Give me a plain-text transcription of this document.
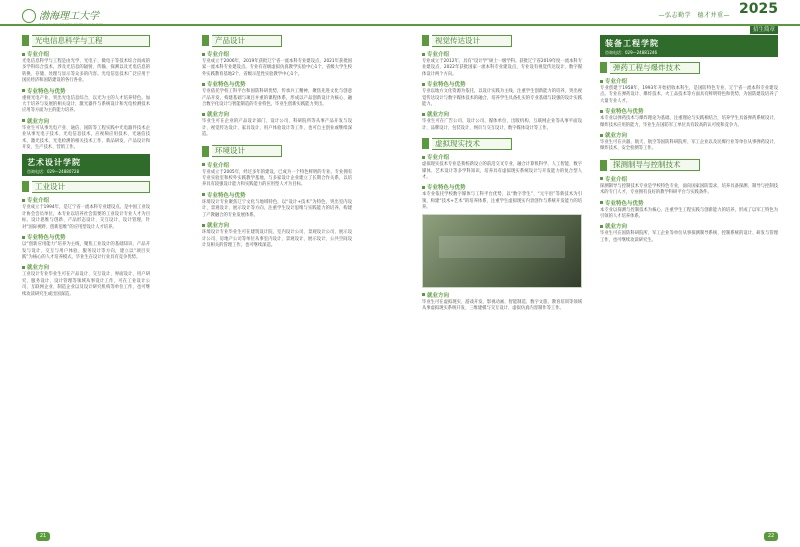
渤海理工大学
光电信息科学与工程
专业介绍
光电信息科学与工程是由光学、光电子、微电子等技术综合而成的多学科综合技术，涉及光信息的辐射、传输、探测以及光电信息的转换、存储、处理与显示等众多的内容。光电信息技术广泛应用于国民经济和国防建设的各行各业。
专业特色与优势
重视光电产业，突出光电信息综合，以光为主的人才培养特色。加大于培养与发展的相关设计，激光器件与系统设计和光电检测技术应用等方面为主的能力培养。
就业方向
毕业生可从事光电产业、通信、国防等工程实践中光电器件技术企业从事光电子技术、光电信息技术，应视频应用技术、光通信技术、激光技术、光电检测的相关技术工作、新品研发、产品设计和开发、生产技术、营销工作。
艺术设计学院
咨询电话：029—24880728
工业设计
专业介绍
专业成立于1994年，是辽宁省一流本科专业建设点。是中国工业设计协会会员单位，本专业以培养社会需要的工业设计专业人才为目标，设计思维与创新、产品形态设计、交互设计、设计管理，针对“国际视野、创新思维”的应用型设计人才培养。
专业特色与优势
以“创新应用能力”培养为主线，聚焦工业设计的基础知识、产品开发与设计、交互与用户体验、服务设计等方向，建立以“项目实践”为核心的人才培养模式，毕业生在设计行业具有竞争优势。
就业方向
工业设计专业毕业生可在产品设计、交互设计、界面设计、用户研究、服务设计、设计管理等领域从事设计工作，可在工业设计公司、互联网企业、制造企业以及设计研究机构等单位工作，也可继续攻读研究生或出国深造。
产品设计
专业介绍
专业成立于2006年，2019年获批辽宁省一流本科专业建设点，2021年获批国家一流本科专业建设点。专业有省级虚拟仿真教学实验中心1个，省级大学生校外实践教育基地2个，省级示范性实验教学中心1个。
专业特色与优势
专业依托学校工科平台和国防科研优势，传承兵工精神，聚焦先进文化与创意产品开发，构建基础与项目并重的课程体系，形成以产品创新设计为核心、融合数字化设计与智能制造的专业特色，毕业生创新实践能力突出。
就业方向
毕业生可在企业的产品设计部门、设计公司、科研院所等从事产品开发与设计、视觉传达设计、家具设计、用户体验设计等工作，也可自主创业或继续深造。
环境设计
专业介绍
专业成立于2005年，经过多年的建设，已成为一个特色鲜明的专业。专业拥有专业实验室和校外实践教学基地，与多家设计企业建立了长期合作关系，以培养具有较强设计能力和实践能力的应用型人才为目标。
专业特色与优势
环境设计专业聚焦辽宁文化与地域特色，以“设计+技术”为特色，突出室内设计、景观设计、展示设计等方向，注重学生设计思维与实践能力的培养，构建了产教融合的专业发展体系。
就业方向
环境设计专业毕业生可在建筑设计院、室内设计公司、景观设计公司、展示设计公司、房地产公司等单位从事室内设计、景观设计、展示设计、公共空间设计及相关的管理工作，也可继续深造。
21
—弘志勤学　德才并重— 2025
招生简章
视觉传达设计
专业介绍
专业成立于2012年，具有“设计学”硕士一级学科。获批辽宁省2019年度一流本科专业建设点，2022年获批国家一流本科专业建设点，专业设有视觉传达设计、数字媒体设计两个方向。
专业特色与优势
专业以地方文化资源为依托，以设计实践为主线，注重学生创新能力的培养，突出视觉传达设计与数字媒体技术的融合，培养学生具备扎实的专业基础与较强的设计实践能力。
就业方向
毕业生可在广告公司、设计公司、媒体单位、出版机构、互联网企业等从事平面设计、品牌设计、包装设计、网页与交互设计、数字媒体设计等工作。
虚拟现实技术
专业介绍
虚拟现实技术专业是我校新设立的前沿交叉专业，融合计算机科学、人工智能、数字媒体、艺术设计等多学科知识，培养具有虚拟现实系统设计与开发能力的复合型人才。
专业特色与优势
本专业依托学校数字媒体与工科平台优势，以“数字孪生”、“元宇宙”等新技术为引领，构建“技术+艺术”的培养体系，注重学生虚拟现实内容创作与系统开发能力的培养。
就业方向
毕业生可在虚拟现实、游戏开发、影视动画、智能制造、数字文旅、教育培训等领域从事虚拟现实系统开发、三维建模与交互设计、虚拟仿真内容制作等工作。
装备工程学院
咨询电话：029—24881246
弹药工程与爆炸技术
专业介绍
专业创建于1958年，1993年开始招收本科生，是国防特色专业、辽宁省一流本科专业建设点。专业在弹药设计、爆炸技术、火工品技术等方面具有鲜明特色和优势，为国防建设培养了大量专业人才。
专业特色与优势
本专业以弹药技术与爆炸理论为基础，注重理论与实践相结合，培养学生具备弹药系统设计、爆炸技术应用的能力，毕业生在国防军工单位具有较高的认可度和竞争力。
就业方向
毕业生可在兵器、航天、航空等国防科研院所、军工企业以及民爆行业等单位从事弹药设计、爆炸技术、安全检测等工作。
探测制导与控制技术
专业介绍
探测制导与控制技术专业是学校特色专业，面向国家国防需求，培养具备探测、制导与控制技术的专门人才，专业拥有良好的教学科研平台与实践条件。
专业特色与优势
本专业以探测与控制技术为核心，注重学生工程实践与创新能力的培养，形成了以军工特色为引领的人才培养体系。
就业方向
毕业生可在国防科研院所、军工企业等单位从事探测制导系统、控制系统的设计、研发与管理工作，也可继续攻读研究生。
22
